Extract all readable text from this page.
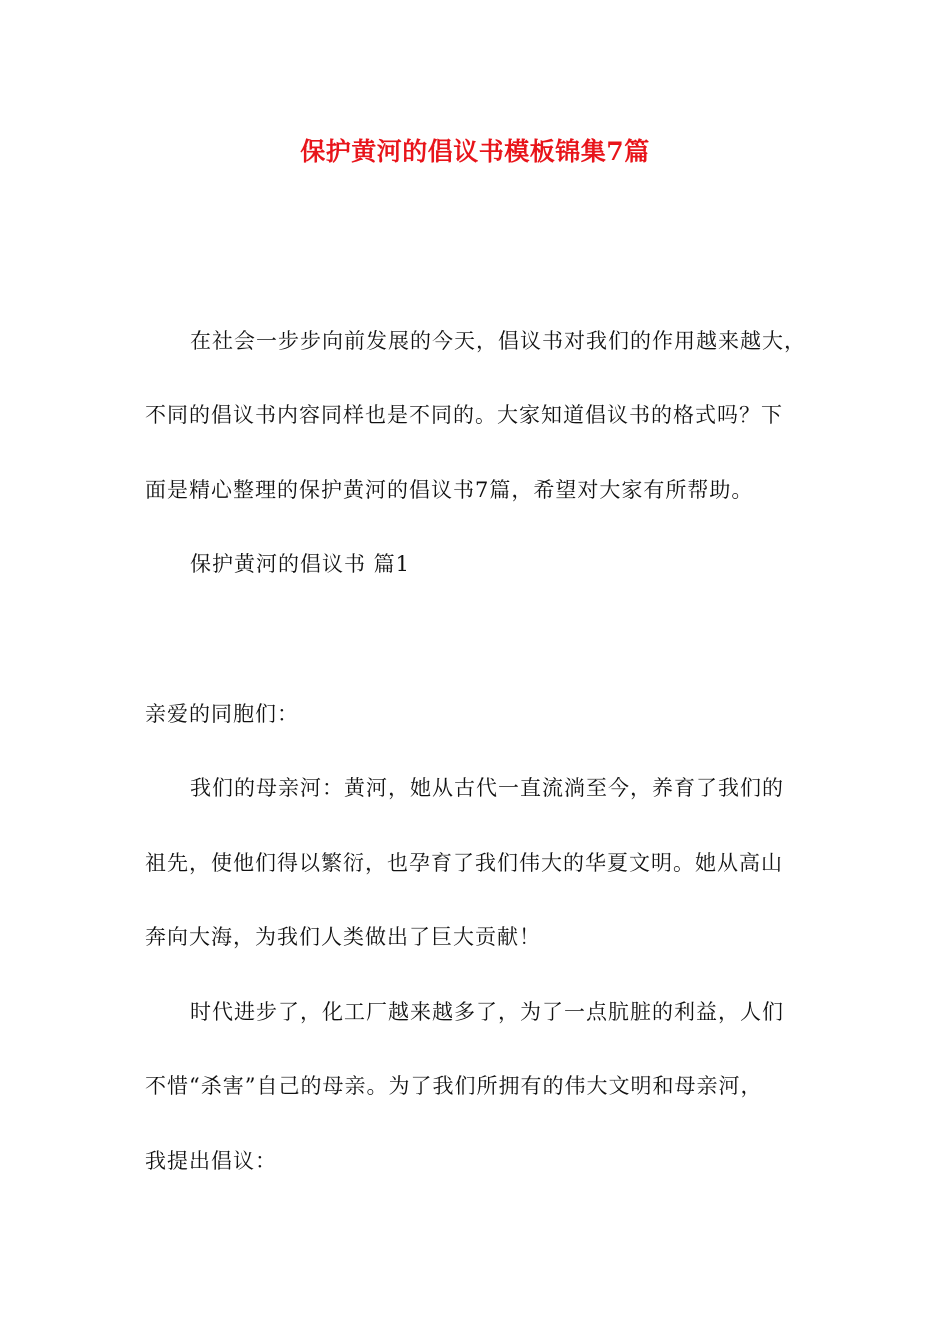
保护黄河的倡议书模板锦集7篇
在社会一步步向前发展的今天，倡议书对我们的作用越来越大，
不同的倡议书内容同样也是不同的。大家知道倡议书的格式吗？下
面是精心整理的保护黄河的倡议书7篇，希望对大家有所帮助。
保护黄河的倡议书 篇1
亲爱的同胞们：
我们的母亲河：黄河，她从古代一直流淌至今，养育了我们的
祖先，使他们得以繁衍，也孕育了我们伟大的华夏文明。她从高山
奔向大海，为我们人类做出了巨大贡献！
时代进步了，化工厂越来越多了，为了一点肮脏的利益，人们
不惜“杀害”自己的母亲。为了我们所拥有的伟大文明和母亲河，
我提出倡议：
